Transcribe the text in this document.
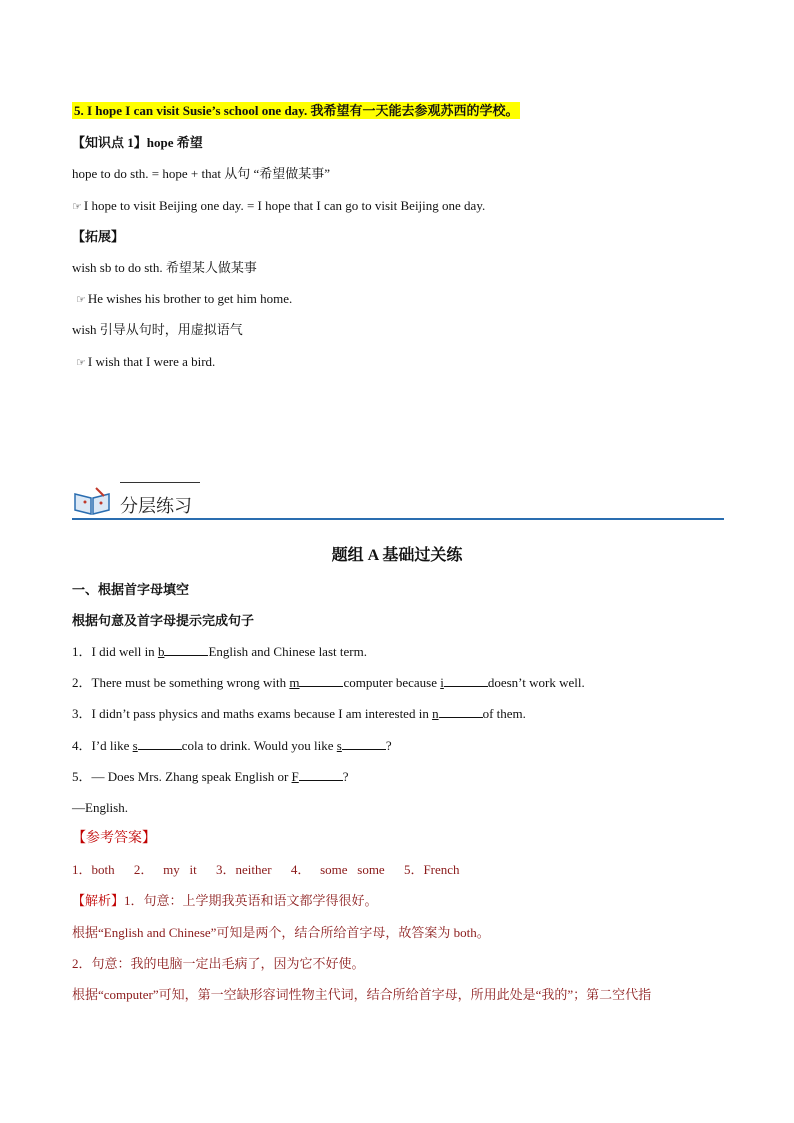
5. I hope I can visit Susie’s school one day. 我希望有一天能去参观苏西的学校。
【知识点 1】hope 希望
hope to do sth. = hope + that 从句 “希望做某事”
☞ I hope to visit Beijing one day. = I hope that I can go to visit Beijing one day.
【拓展】
wish sb to do sth. 希望某人做某事
☞ He wishes his brother to get him home.
wish 引导从句时，用虚拟语气
☞ I wish that I were a bird.
分层练习
题组 A 基础过关练
一、根据首字母填空
根据句意及首字母提示完成句子
1．I did well in b	English and Chinese last term.
2．There must be something wrong with m	computer because i	doesn’t work well.
3．I didn’t pass physics and maths exams because I am interested in n	of them.
4．I’d like s	cola to drink. Would you like s	?
5．— Does Mrs. Zhang speak English or F	?
—English.
【参考答案】
1．both 2．   my   it 3．neither 4．   some   some 5．French
【解析】1．句意：上学期我英语和语文都学得很好。
根据“English and Chinese”可知是两个，结合所给首字母，故答案为 both。
2．句意：我的电脑一定出毛病了，因为它不好使。
根据“computer”可知，第一空缺形容词性物主代词，结合所给首字母，所用此处是“我的”；第二空代指
